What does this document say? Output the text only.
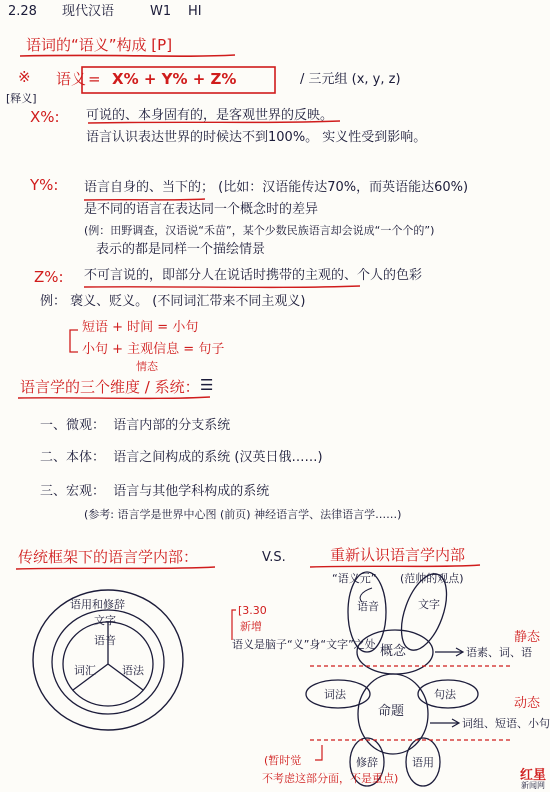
2.28 现代汉语	W1 HI
语词的“语义”构成 [P]
※ 语义 = X% + Y% + Z%	/ 三元组 (x, y, z)
[释义]
X%: 可说的、本身固有的，是客观世界的反映。
语言认识表达世界的时候达不到100%。 实义性受到影响。
Y%: 语言自身的、当下的； (比如：汉语能传达70%，而英语能达60%)
是不同的语言在表达同一个概念时的差异
(例：田野调查，汉语说“禾苗”，某个少数民族语言却会说成“一个个的”)
表示的都是同样一个描绘情景
Z%: 不可言说的，即部分人在说话时携带的主观的、个人的色彩
例： 褒义、贬义。 (不同词汇带来不同主观义)
短语 + 时间 = 小句
小句 + 主观信息 = 句子
情态
语言学的三个维度 / 系统： ☰
一、微观： 语言内部的分支系统
二、本体： 语言之间构成的系统 (汉英日俄……)
三、宏观： 语言与其他学科构成的系统
(参考: 语言学是世界中心图 (前页) 神经语言学、法律语言学……)
传统框架下的语言学内部：	V.S.	重新认识语言学内部
语用和修辞
文字
语音
词汇 语法
“语义元” (范帅的观点)
[3.30
新增
语义是脑子“义”身“文字”之处
语音	文字
概念	语素、词、语
词法	句法
命题
词组、短语、小句
修辞	语用
静态
动态
(暂时觉
不考虑这部分面，不是重点)	红星
新闻网
